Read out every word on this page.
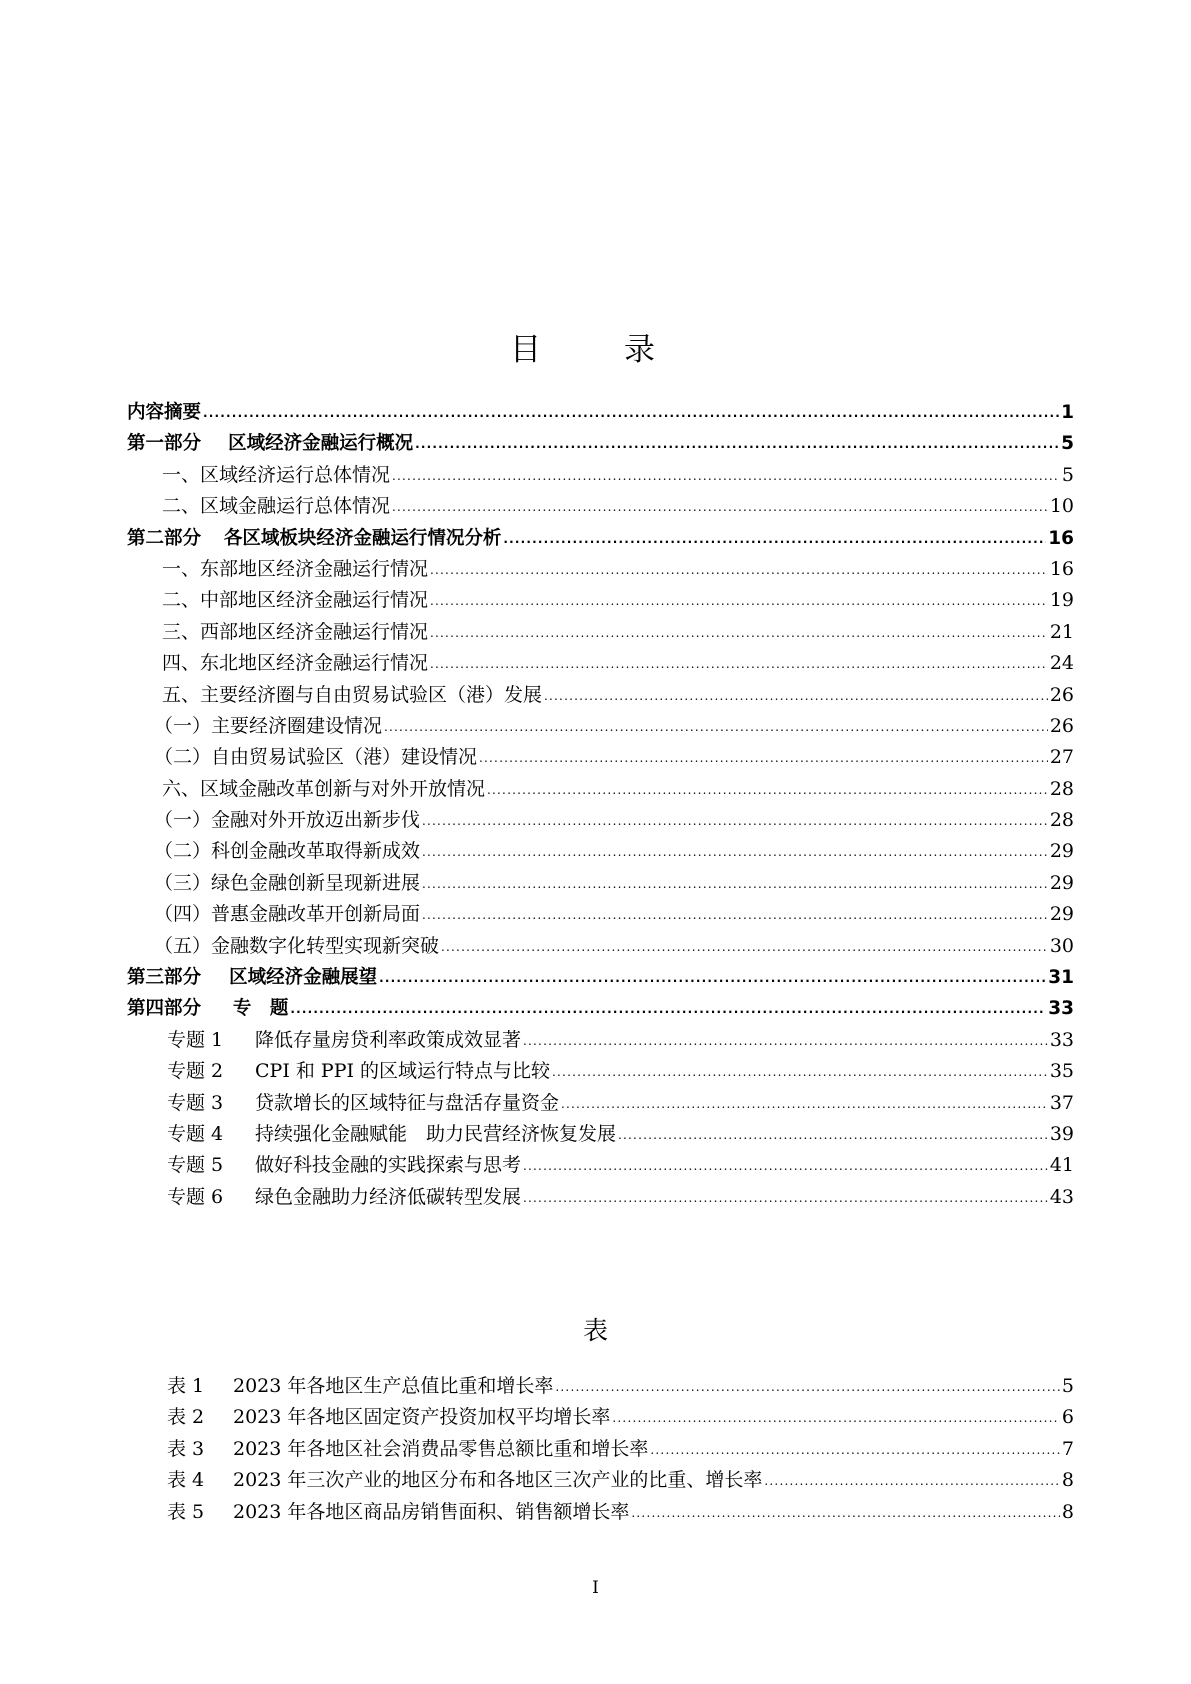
目　录
内容摘要 .....	1
第一部分 区域经济金融运行概况 .....	5
一、区域经济运行总体情况 .....	5
二、区域金融运行总体情况 .....	10
第二部分 各区域板块经济金融运行情况分析 .....	16
一、东部地区经济金融运行情况 .....	16
二、中部地区经济金融运行情况 .....	19
三、西部地区经济金融运行情况 .....	21
四、东北地区经济金融运行情况 .....	24
五、主要经济圈与自由贸易试验区（港）发展 .....	26
（一）主要经济圈建设情况 .....	26
（二）自由贸易试验区（港）建设情况 .....	27
六、区域金融改革创新与对外开放情况 .....	28
（一）金融对外开放迈出新步伐 .....	28
（二）科创金融改革取得新成效 .....	29
（三）绿色金融创新呈现新进展 .....	29
（四）普惠金融改革开创新局面 .....	29
（五）金融数字化转型实现新突破 .....	30
第三部分 区域经济金融展望 .....	31
第四部分 专　题 .....	33
专题 1	降低存量房贷利率政策成效显著 .....	33
专题 2	CPI 和 PPI 的区域运行特点与比较 .....	35
专题 3	贷款增长的区域特征与盘活存量资金 .....	37
专题 4	持续强化金融赋能　助力民营经济恢复发展 .....	39
专题 5	做好科技金融的实践探索与思考 .....	41
专题 6	绿色金融助力经济低碳转型发展 .....	43
表
表 1	2023 年各地区生产总值比重和增长率 .....	5
表 2	2023 年各地区固定资产投资加权平均增长率 .....	6
表 3	2023 年各地区社会消费品零售总额比重和增长率 .....	7
表 4	2023 年三次产业的地区分布和各地区三次产业的比重、增长率 .....	8
表 5	2023 年各地区商品房销售面积、销售额增长率 .....	8
I
